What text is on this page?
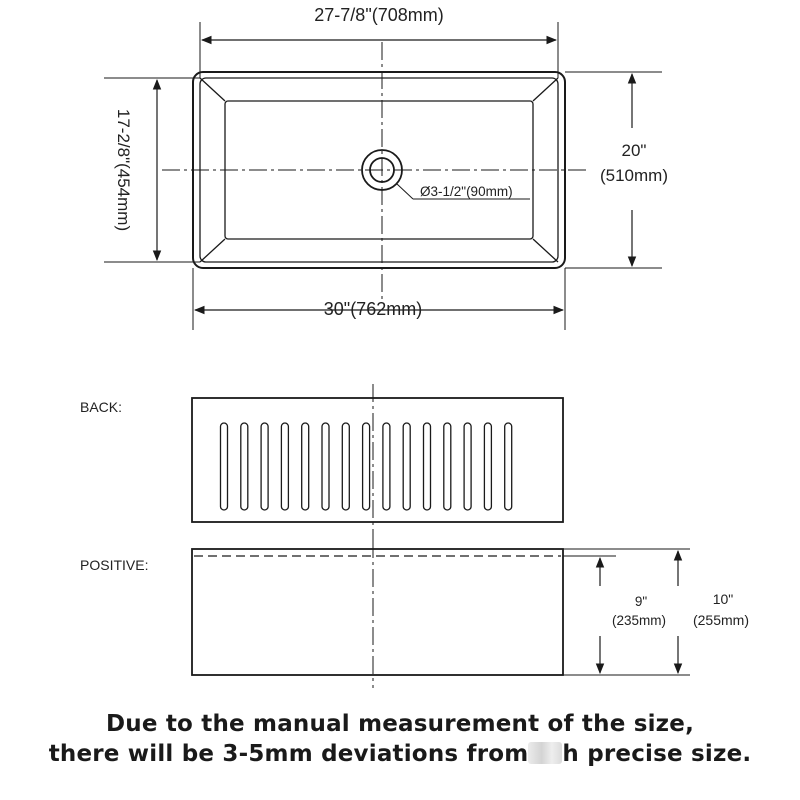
27-7/8"(708mm)
30"(762mm)
17-2/8"(454mm)	20"
(510mm)
Ø3-1/2"(90mm)
BACK:
POSITIVE:
9"
(235mm)
10"
(255mm)
Due to the manual measurement of the size,
there will be 3-5mm deviations from h precise size.
